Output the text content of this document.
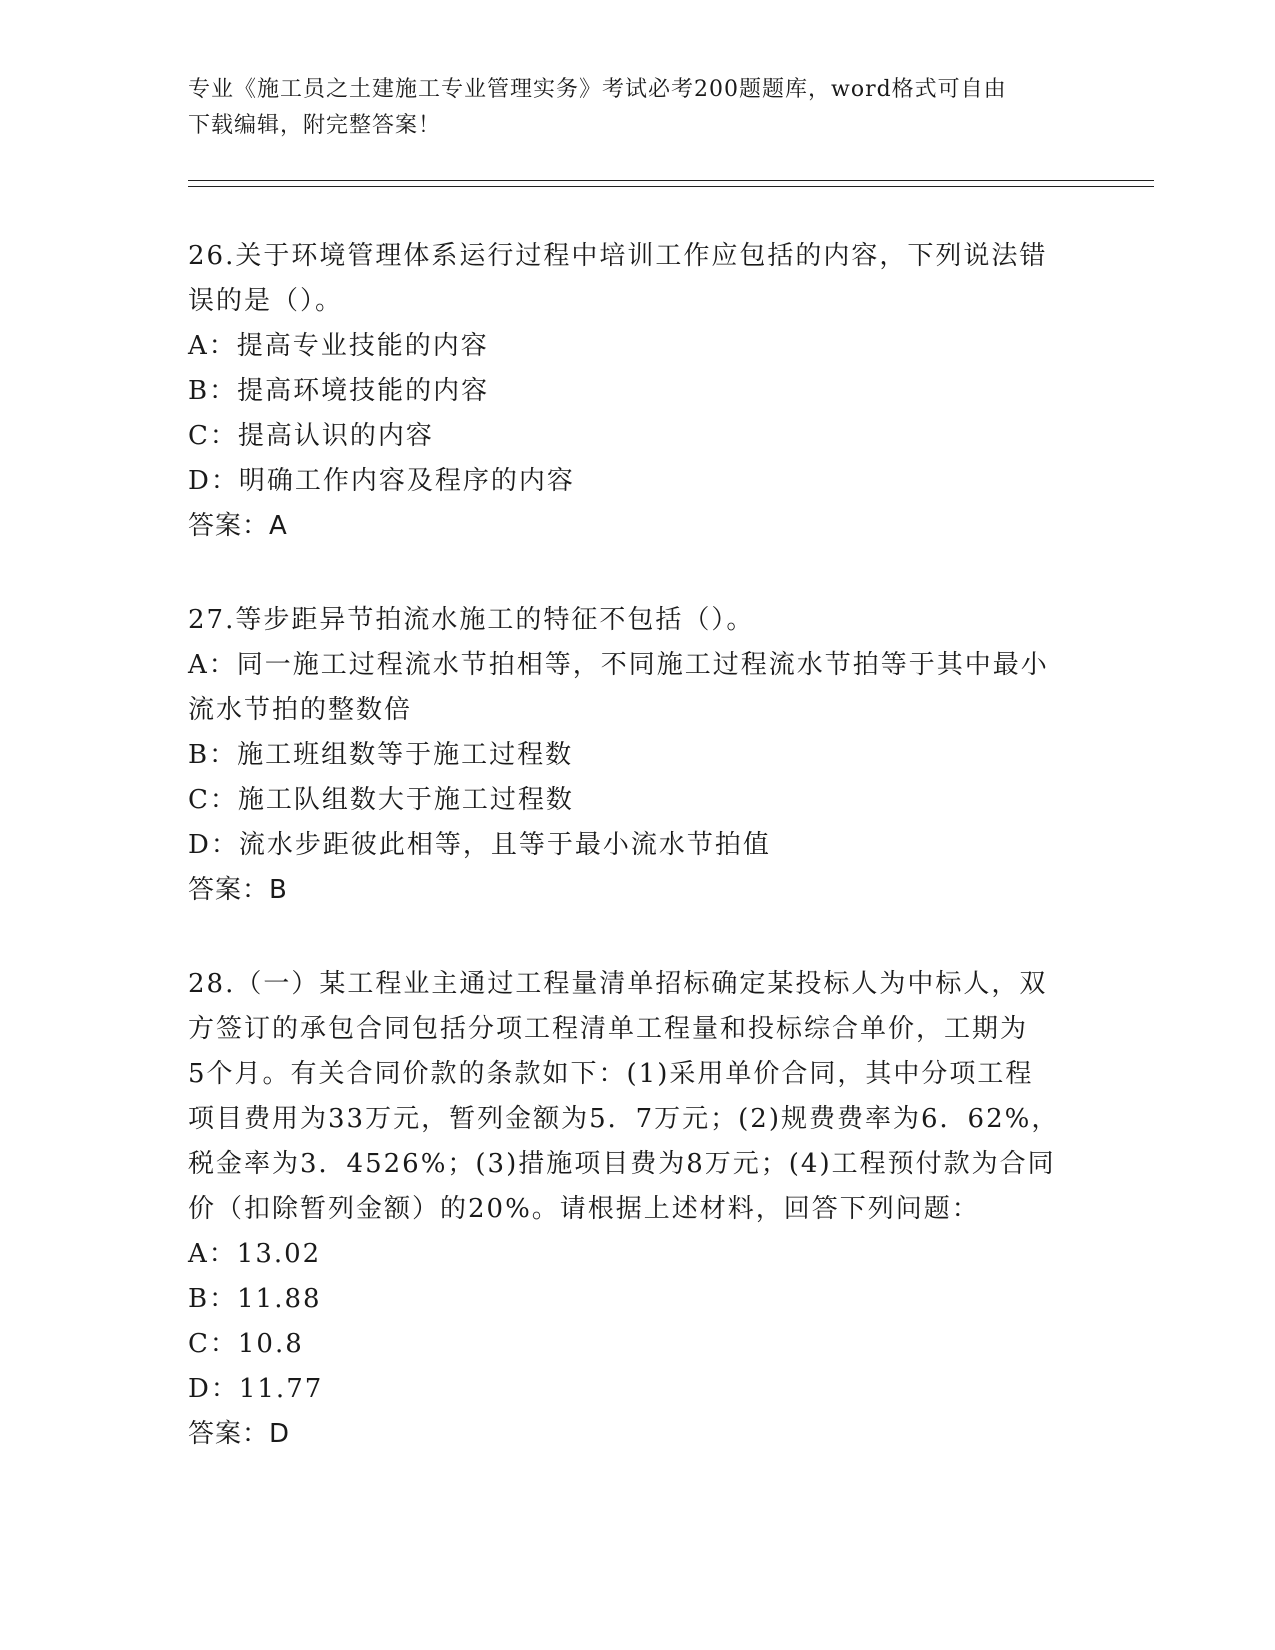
专业《施工员之土建施工专业管理实务》考试必考200题题库，word格式可自由
下载编辑，附完整答案！

26.关于环境管理体系运行过程中培训工作应包括的内容，下列说法错

误的是（）。

A：提高专业技能的内容

B：提高环境技能的内容

C：提高认识的内容

D：明确工作内容及程序的内容

答案：A

27.等步距异节拍流水施工的特征不包括（）。

A：同一施工过程流水节拍相等，不同施工过程流水节拍等于其中最小

流水节拍的整数倍

B：施工班组数等于施工过程数

C：施工队组数大于施工过程数

D：流水步距彼此相等，且等于最小流水节拍值

答案：B

28.（一）某工程业主通过工程量清单招标确定某投标人为中标人，双

方签订的承包合同包括分项工程清单工程量和投标综合单价，工期为

5个月。有关合同价款的条款如下：(1)采用单价合同，其中分项工程

项目费用为33万元，暂列金额为5．7万元；(2)规费费率为6．62%，

税金率为3．4526%；(3)措施项目费为8万元；(4)工程预付款为合同

价（扣除暂列金额）的20%。请根据上述材料，回答下列问题：

A：13.02

B：11.88

C：10.8

D：11.77

答案：D
